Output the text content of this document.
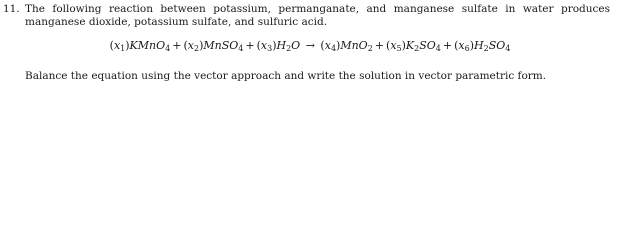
11. The following reaction between potassium, permanganate, and manganese sulfate in water produces manganese dioxide, potassium sulfate, and sulfuric acid.
$(x_1)KMnO_4$ + $(x_2)MnSO_4 + (x_3)H_2O \to (x_4)MnO_2 + (x_5)K_2SO_4 + (x_6)H_2SO_4$
Balance the equation using the vector approach and write the solution in vector parametric form.
